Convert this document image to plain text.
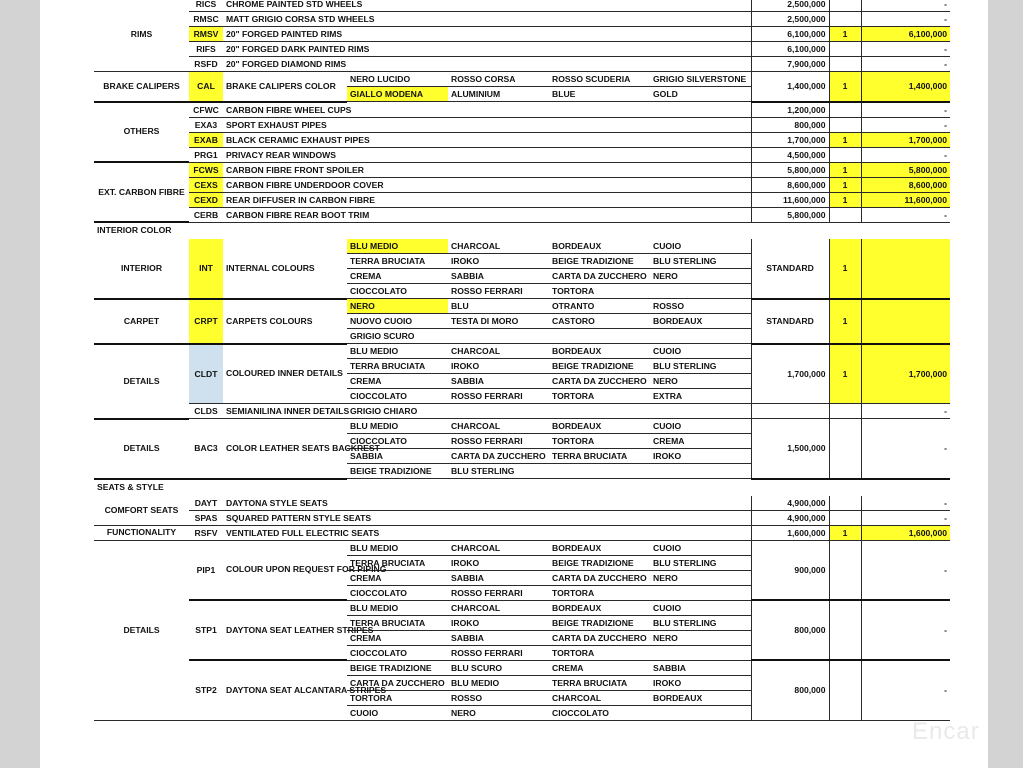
RIMS	RICS	CHROME PAINTED STD WHEELS					2,500,000		-
	RMSC	MATT GRIGIO CORSA STD WHEELS					2,500,000		-
	RMSV	20" FORGED PAINTED RIMS					6,100,000	1	6,100,000
	RIFS	20" FORGED DARK PAINTED RIMS					6,100,000		-
	RSFD	20" FORGED DIAMOND RIMS					7,900,000		-
BRAKE CALIPERS	CAL	BRAKE CALIPERS COLOR	NERO LUCIDO	ROSSO CORSA	ROSSO SCUDERIA	GRIGIO SILVERSTONE	1,400,000	1	1,400,000
			GIALLO MODENA	ALUMINIUM	BLUE	GOLD			
OTHERS	CFWC	CARBON FIBRE WHEEL CUPS					1,200,000		-
	EXA3	SPORT EXHAUST PIPES					800,000		-
	EXAB	BLACK CERAMIC EXHAUST PIPES					1,700,000	1	1,700,000
	PRG1	PRIVACY REAR WINDOWS					4,500,000		-
EXT. CARBON FIBRE	FCWS	CARBON FIBRE FRONT SPOILER					5,800,000	1	5,800,000
	CEXS	CARBON FIBRE UNDERDOOR COVER					8,600,000	1	8,600,000
	CEXD	REAR DIFFUSER IN CARBON FIBRE					11,600,000	1	11,600,000
	CERB	CARBON FIBRE REAR BOOT TRIM					5,800,000		-
INTERIOR COLOR									
INTERIOR	INT	INTERNAL COLOURS	BLU MEDIO	CHARCOAL	BORDEAUX	CUOIO	STANDARD	1	
			TERRA BRUCIATA	IROKO	BEIGE TRADIZIONE	BLU STERLING			
			CREMA	SABBIA	CARTA DA ZUCCHERO	NERO			
			CIOCCOLATO	ROSSO FERRARI	TORTORA				
CARPET	CRPT	CARPETS COLOURS	NERO	BLU	OTRANTO	ROSSO	STANDARD	1	
			NUOVO CUOIO	TESTA DI MORO	CASTORO	BORDEAUX			
			GRIGIO SCURO						
DETAILS	CLDT	COLOURED INNER DETAILS	BLU MEDIO	CHARCOAL	BORDEAUX	CUOIO	1,700,000	1	1,700,000
			TERRA BRUCIATA	IROKO	BEIGE TRADIZIONE	BLU STERLING			
			CREMA	SABBIA	CARTA DA ZUCCHERO	NERO			
			CIOCCOLATO	ROSSO FERRARI	TORTORA	EXTRA			
	CLDS	SEMIANILINA INNER DETAILS	GRIGIO CHIARO						-
DETAILS	BAC3	COLOR LEATHER SEATS BACKREST	BLU MEDIO	CHARCOAL	BORDEAUX	CUOIO	1,500,000		-
			CIOCCOLATO	ROSSO FERRARI	TORTORA	CREMA			
			SABBIA	CARTA DA ZUCCHERO	TERRA BRUCIATA	IROKO			
			BEIGE TRADIZIONE	BLU STERLING					
SEATS & STYLE									
COMFORT SEATS	DAYT	DAYTONA STYLE SEATS					4,900,000		-
	SPAS	SQUARED PATTERN STYLE SEATS					4,900,000		-
FUNCTIONALITY	RSFV	VENTILATED FULL ELECTRIC SEATS					1,600,000	1	1,600,000
DETAILS	PIP1	COLOUR UPON REQUEST FOR PIPING	BLU MEDIO	CHARCOAL	BORDEAUX	CUOIO	900,000		-
			TERRA BRUCIATA	IROKO	BEIGE TRADIZIONE	BLU STERLING			
			CREMA	SABBIA	CARTA DA ZUCCHERO	NERO			
			CIOCCOLATO	ROSSO FERRARI	TORTORA				
	STP1	DAYTONA SEAT LEATHER STRIPES	BLU MEDIO	CHARCOAL	BORDEAUX	CUOIO	800,000		-
			TERRA BRUCIATA	IROKO	BEIGE TRADIZIONE	BLU STERLING			
			CREMA	SABBIA	CARTA DA ZUCCHERO	NERO			
			CIOCCOLATO	ROSSO FERRARI	TORTORA				
	STP2	DAYTONA SEAT ALCANTARA STRIPES	BEIGE TRADIZIONE	BLU SCURO	CREMA	SABBIA	800,000		-
			CARTA DA ZUCCHERO	BLU MEDIO	TERRA BRUCIATA	IROKO			
			TORTORA	ROSSO	CHARCOAL	BORDEAUX			
			CUOIO	NERO	CIOCCOLATO				
Encar
